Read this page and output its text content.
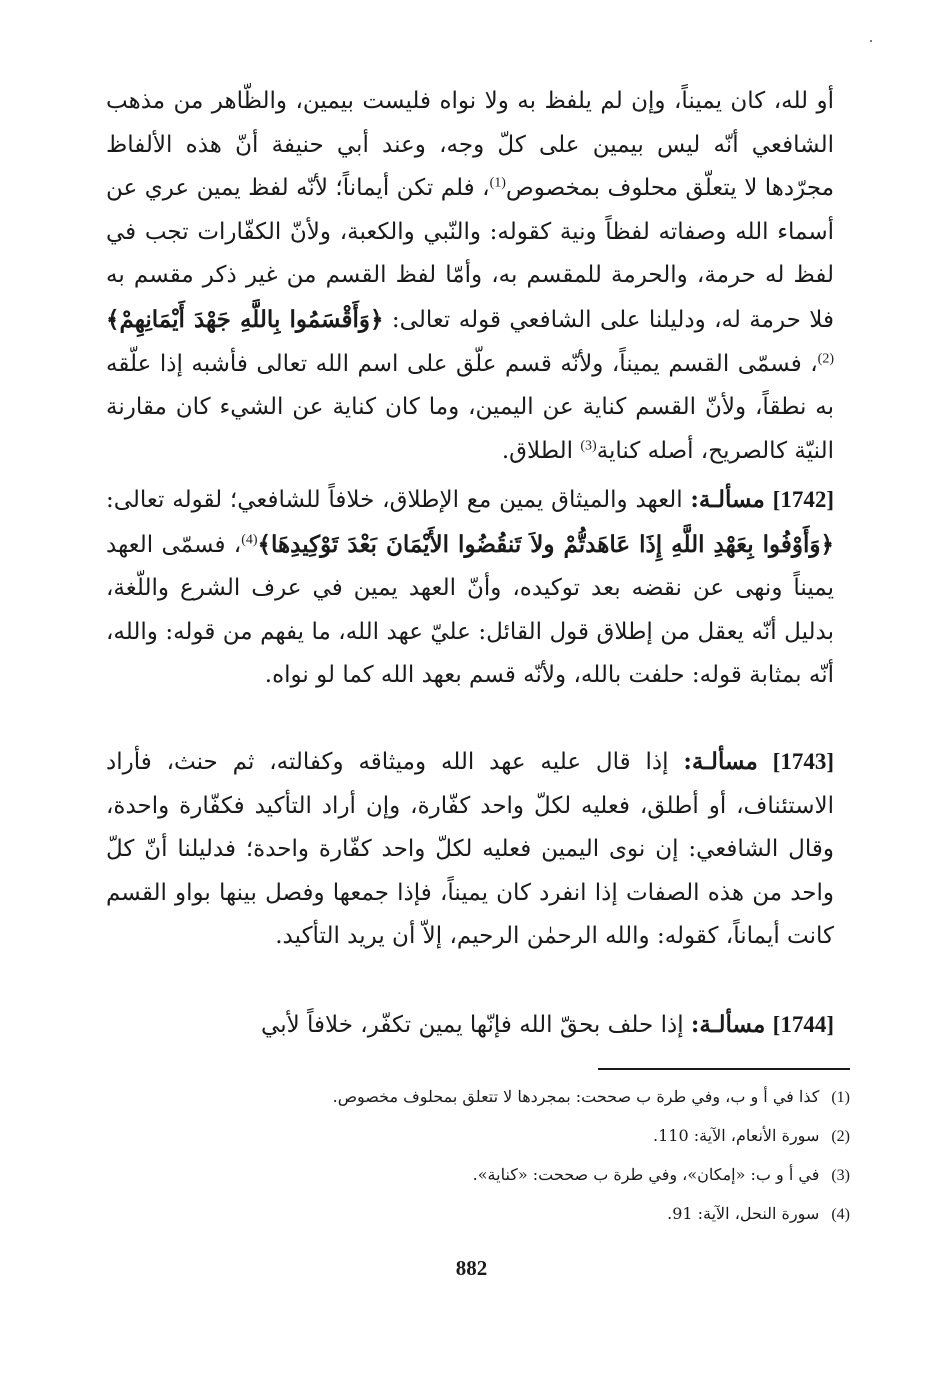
أو لله، كان يميناً، وإن لم يلفظ به ولا نواه فليست بيمين، والظّاهر من مذهب الشافعي أنّه ليس بيمين على كلّ وجه، وعند أبي حنيفة أنّ هذه الألفاظ مجرّدها لا يتعلّق محلوف بمخصوص$^{(1)}$، فلم تكن أيماناً؛ لأنّه لفظ يمين عري عن أسماء الله وصفاته لفظاً ونية كقوله: والنّبي والكعبة، ولأنّ الكفّارات تجب في لفظ له حرمة، والحرمة للمقسم به، وأمّا لفظ القسم من غير ذكر مقسم به فلا حرمة له، ودليلنا على الشافعي قوله تعالى: ﴿وَأَقْسَمُوا بِاللَّهِ جَهْدَ أَيْمَانِهِمْ﴾$^{(2)}$، فسمّى القسم يميناً، ولأنّه قسم علّق على اسم الله تعالى فأشبه إذا علّقه به نطقاً، ولأنّ القسم كناية عن اليمين، وما كان كناية عن الشيء كان مقارنة النيّة كالصريح، أصله كناية$^{(3)}$ الطلاق.

[1742] مسألـة: العهد والميثاق يمين مع الإطلاق، خلافاً للشافعي؛ لقوله تعالى: ﴿وَأَوْفُوا بِعَهْدِ اللَّهِ إِذَا عَاهَدتُّمْ ولاَ تَنقُضُوا الأَيْمَانَ بَعْدَ تَوْكِيدِهَا﴾$^{(4)}$، فسمّى العهد يميناً ونهى عن نقضه بعد توكيده، وأنّ العهد يمين في عرف الشرع واللّغة، بدليل أنّه يعقل من إطلاق قول القائل: عليّ عهد الله، ما يفهم من قوله: والله، أنّه بمثابة قوله: حلفت بالله، ولأنّه قسم بعهد الله كما لو نواه.

[1743] مسألـة: إذا قال عليه عهد الله وميثاقه وكفالته، ثم حنث، فأراد الاستئناف، أو أطلق، فعليه لكلّ واحد كفّارة، وإن أراد التأكيد فكفّارة واحدة، وقال الشافعي: إن نوى اليمين فعليه لكلّ واحد كفّارة واحدة؛ فدليلنا أنّ كلّ واحد من هذه الصفات إذا انفرد كان يميناً، فإذا جمعها وفصل بينها بواو القسم كانت أيماناً، كقوله: والله الرحمٰن الرحيم، إلاّ أن يريد التأكيد.

[1744] مسألـة: إذا حلف بحقّ الله فإنّها يمين تكفّر، خلافاً لأبي

(1)كذا في أ و ب، وفي طرة ب صححت: بمجردها لا تتعلق بمحلوف مخصوص.
(2)سورة الأنعام، الآية: 110.
(3)في أ و ب: «إمكان»، وفي طرة ب صححت: «كناية».
(4)سورة النحل، الآية: 91.
882
